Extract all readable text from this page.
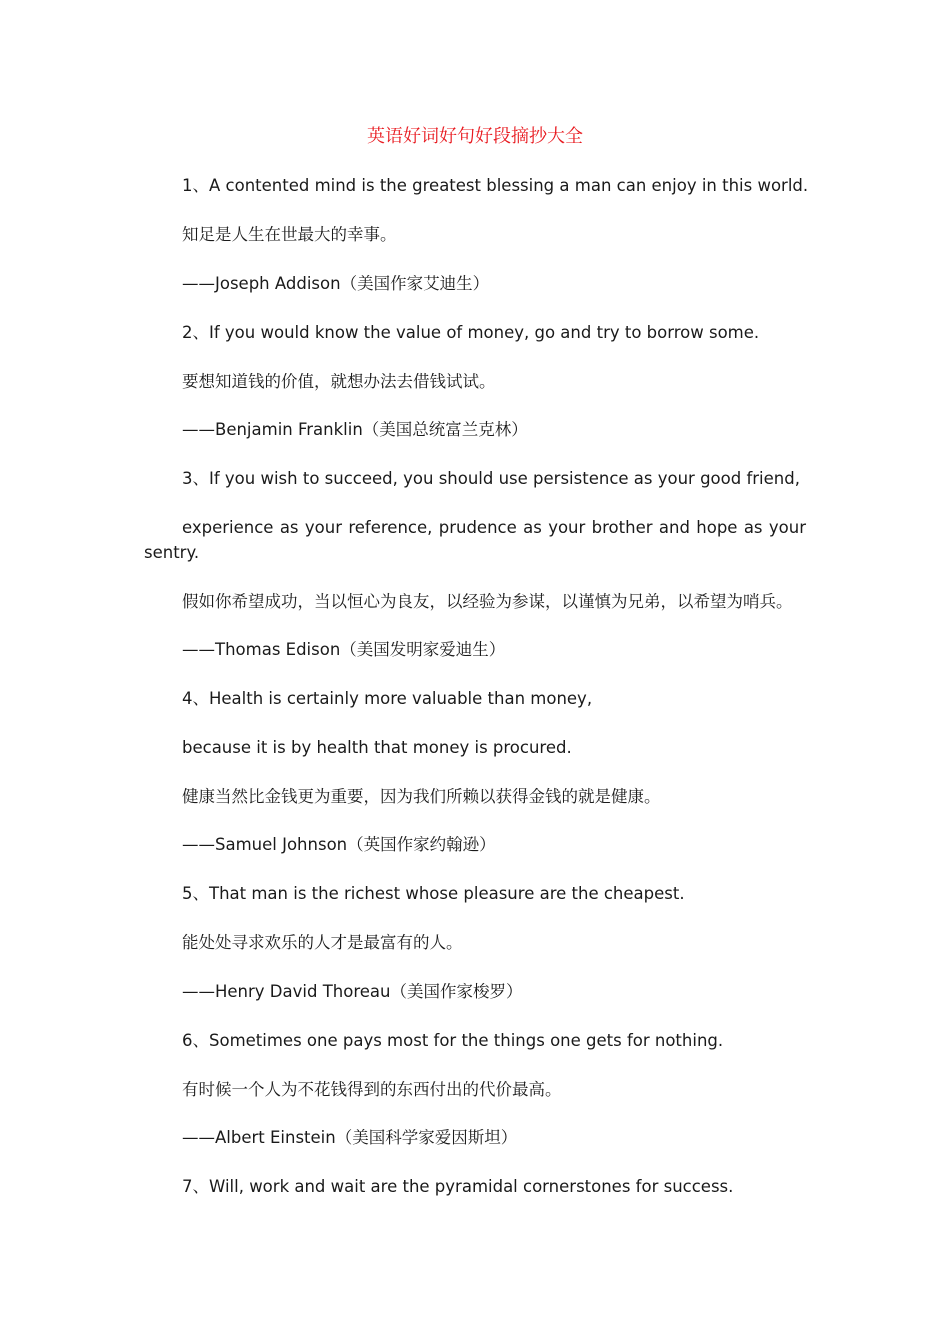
英语好词好句好段摘抄大全
1、A contented mind is the greatest blessing a man can enjoy in this world.
知足是人生在世最大的幸事。
——Joseph Addison（美国作家艾迪生）
2、If you would know the value of money, go and try to borrow some.
要想知道钱的价值，就想办法去借钱试试。
——Benjamin Franklin（美国总统富兰克林）
3、If you wish to succeed, you should use persistence as your good friend,
experience as your reference, prudence as your brother and hope as your sentry.
假如你希望成功，当以恒心为良友，以经验为参谋，以谨慎为兄弟，以希望为哨兵。
——Thomas Edison（美国发明家爱迪生）
4、Health is certainly more valuable than money,
because it is by health that money is procured.
健康当然比金钱更为重要，因为我们所赖以获得金钱的就是健康。
——Samuel Johnson（英国作家约翰逊）
5、That man is the richest whose pleasure are the cheapest.
能处处寻求欢乐的人才是最富有的人。
——Henry David Thoreau（美国作家梭罗）
6、Sometimes one pays most for the things one gets for nothing.
有时候一个人为不花钱得到的东西付出的代价最高。
——Albert Einstein（美国科学家爱因斯坦）
7、Will, work and wait are the pyramidal cornerstones for success.
